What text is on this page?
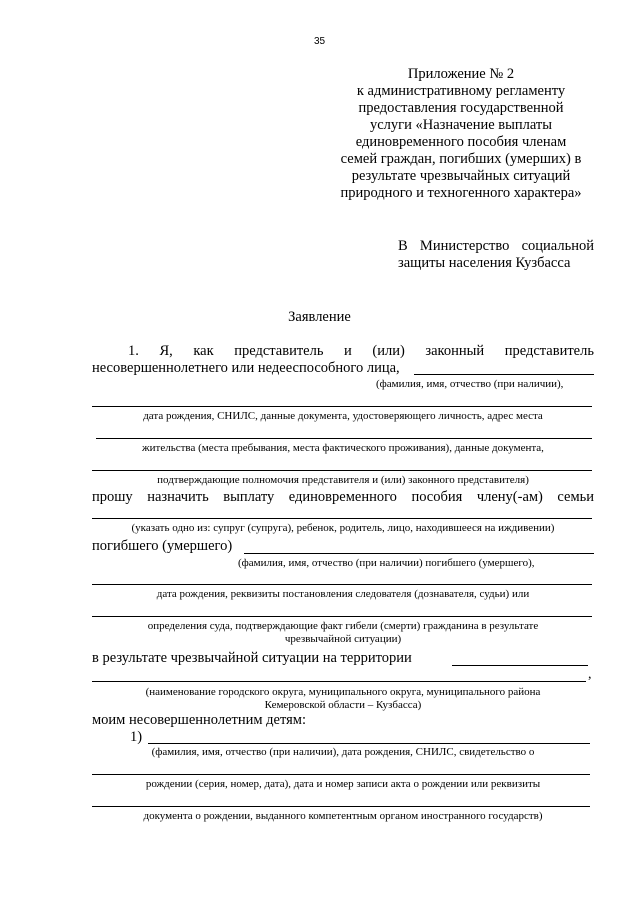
35
Приложение № 2
к административному регламенту
предоставления государственной
услуги «Назначение выплаты
единовременного пособия членам
семей граждан, погибших (умерших) в
результате чрезвычайных ситуаций
природного и техногенного характера»
В Министерство социальной
защиты населения Кузбасса
Заявление
1. Я, как представитель и (или) законный представитель
несовершеннолетнего или недееспособного лица,
(фамилия, имя, отчество (при наличии),
дата рождения, СНИЛС, данные документа, удостоверяющего личность, адрес места
жительства (места пребывания, места фактического проживания), данные документа,
подтверждающие полномочия представителя и (или) законного представителя)
прошу назначить выплату единовременного пособия члену(-ам) семьи
(указать одно из: супруг (супруга), ребенок, родитель, лицо, находившееся на иждивении)
погибшего (умершего)
(фамилия, имя, отчество (при наличии) погибшего (умершего),
дата рождения, реквизиты постановления следователя (дознавателя, судьи) или
определения суда, подтверждающие факт гибели (смерти) гражданина в результате
чрезвычайной ситуации)
в результате чрезвычайной ситуации на территории
,
(наименование городского округа, муниципального округа, муниципального района
Кемеровской области – Кузбасса)
моим несовершеннолетним детям:
1)
(фамилия, имя, отчество (при наличии), дата рождения, СНИЛС, свидетельство о
рождении (серия, номер, дата), дата и номер записи акта о рождении или реквизиты
документа о рождении, выданного компетентным органом иностранного государств)
